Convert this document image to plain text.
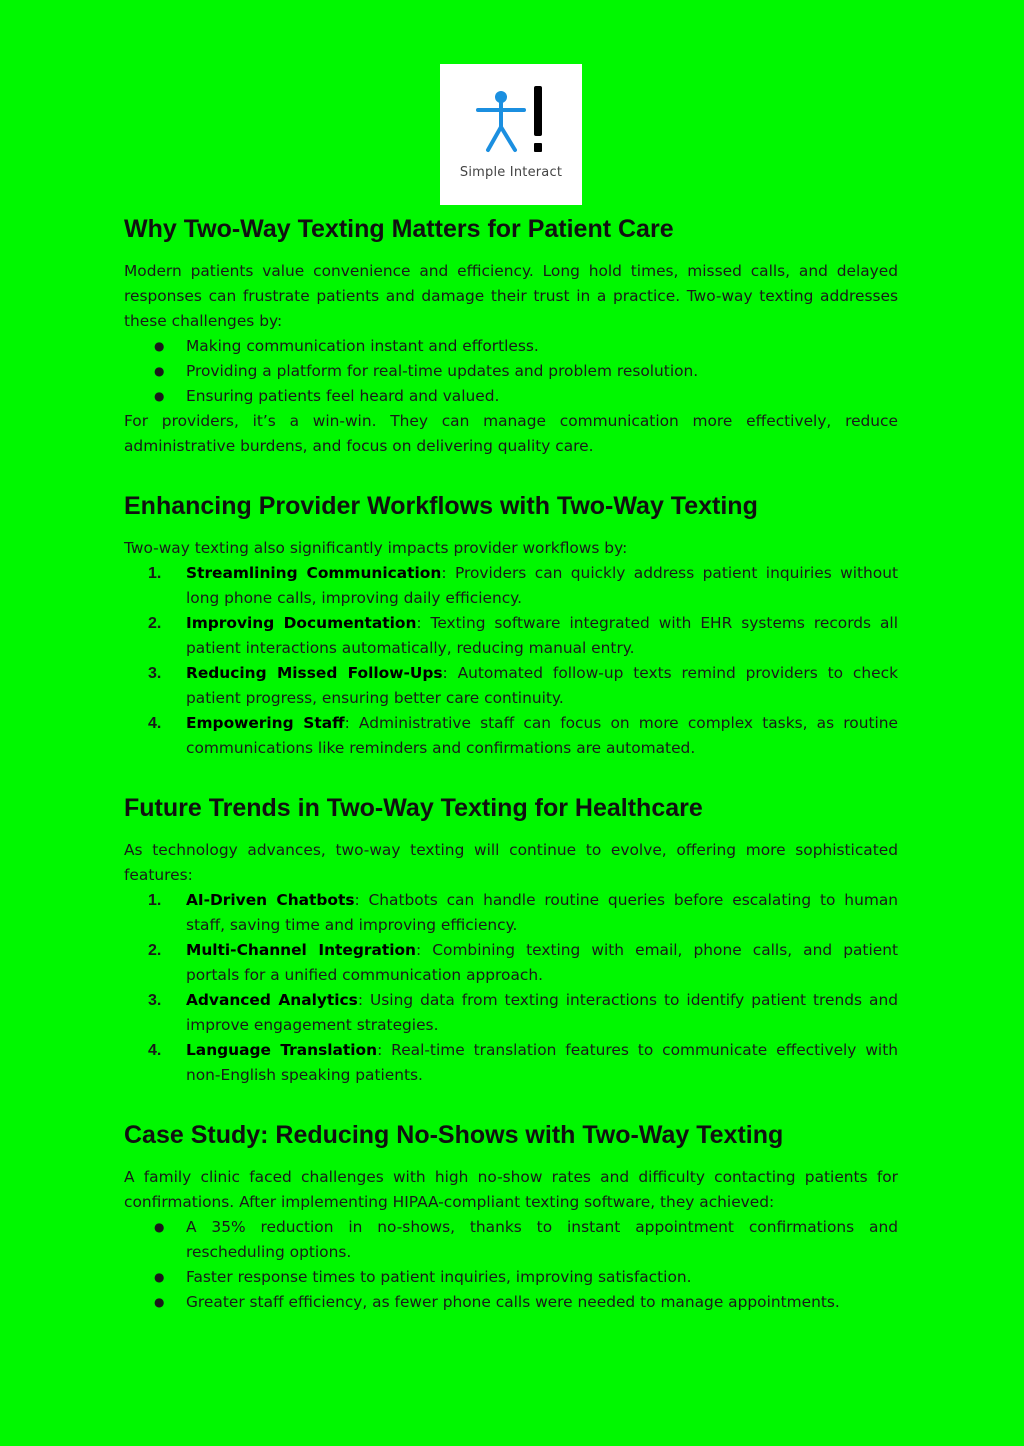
Simple Interact
Why Two-Way Texting Matters for Patient Care

Modern patients value convenience and efficiency. Long hold times, missed calls, and delayed responses can frustrate patients and damage their trust in a practice. Two-way texting addresses these challenges by:

●	Making communication instant and effortless.
●	Providing a platform for real-time updates and problem resolution.
●	Ensuring patients feel heard and valued.

For providers, it’s a win-win. They can manage communication more effectively, reduce administrative burdens, and focus on delivering quality care.

Enhancing Provider Workflows with Two-Way Texting

Two-way texting also significantly impacts provider workflows by:

1.	Streamlining Communication: Providers can quickly address patient inquiries without long phone calls, improving daily efficiency.
2.	Improving Documentation: Texting software integrated with EHR systems records all patient interactions automatically, reducing manual entry.
3.	Reducing Missed Follow-Ups: Automated follow-up texts remind providers to check patient progress, ensuring better care continuity.
4.	Empowering Staff: Administrative staff can focus on more complex tasks, as routine communications like reminders and confirmations are automated.
Future Trends in Two-Way Texting for Healthcare

As technology advances, two-way texting will continue to evolve, offering more sophisticated features:

1.	AI-Driven Chatbots: Chatbots can handle routine queries before escalating to human staff, saving time and improving efficiency.
2.	Multi-Channel Integration: Combining texting with email, phone calls, and patient portals for a unified communication approach.
3.	Advanced Analytics: Using data from texting interactions to identify patient trends and improve engagement strategies.
4.	Language Translation: Real-time translation features to communicate effectively with non-English speaking patients.
Case Study: Reducing No-Shows with Two-Way Texting

A family clinic faced challenges with high no-show rates and difficulty contacting patients for confirmations. After implementing HIPAA-compliant texting software, they achieved:

●	A 35% reduction in no-shows, thanks to instant appointment confirmations and rescheduling options.
●	Faster response times to patient inquiries, improving satisfaction.
●	Greater staff efficiency, as fewer phone calls were needed to manage appointments.
